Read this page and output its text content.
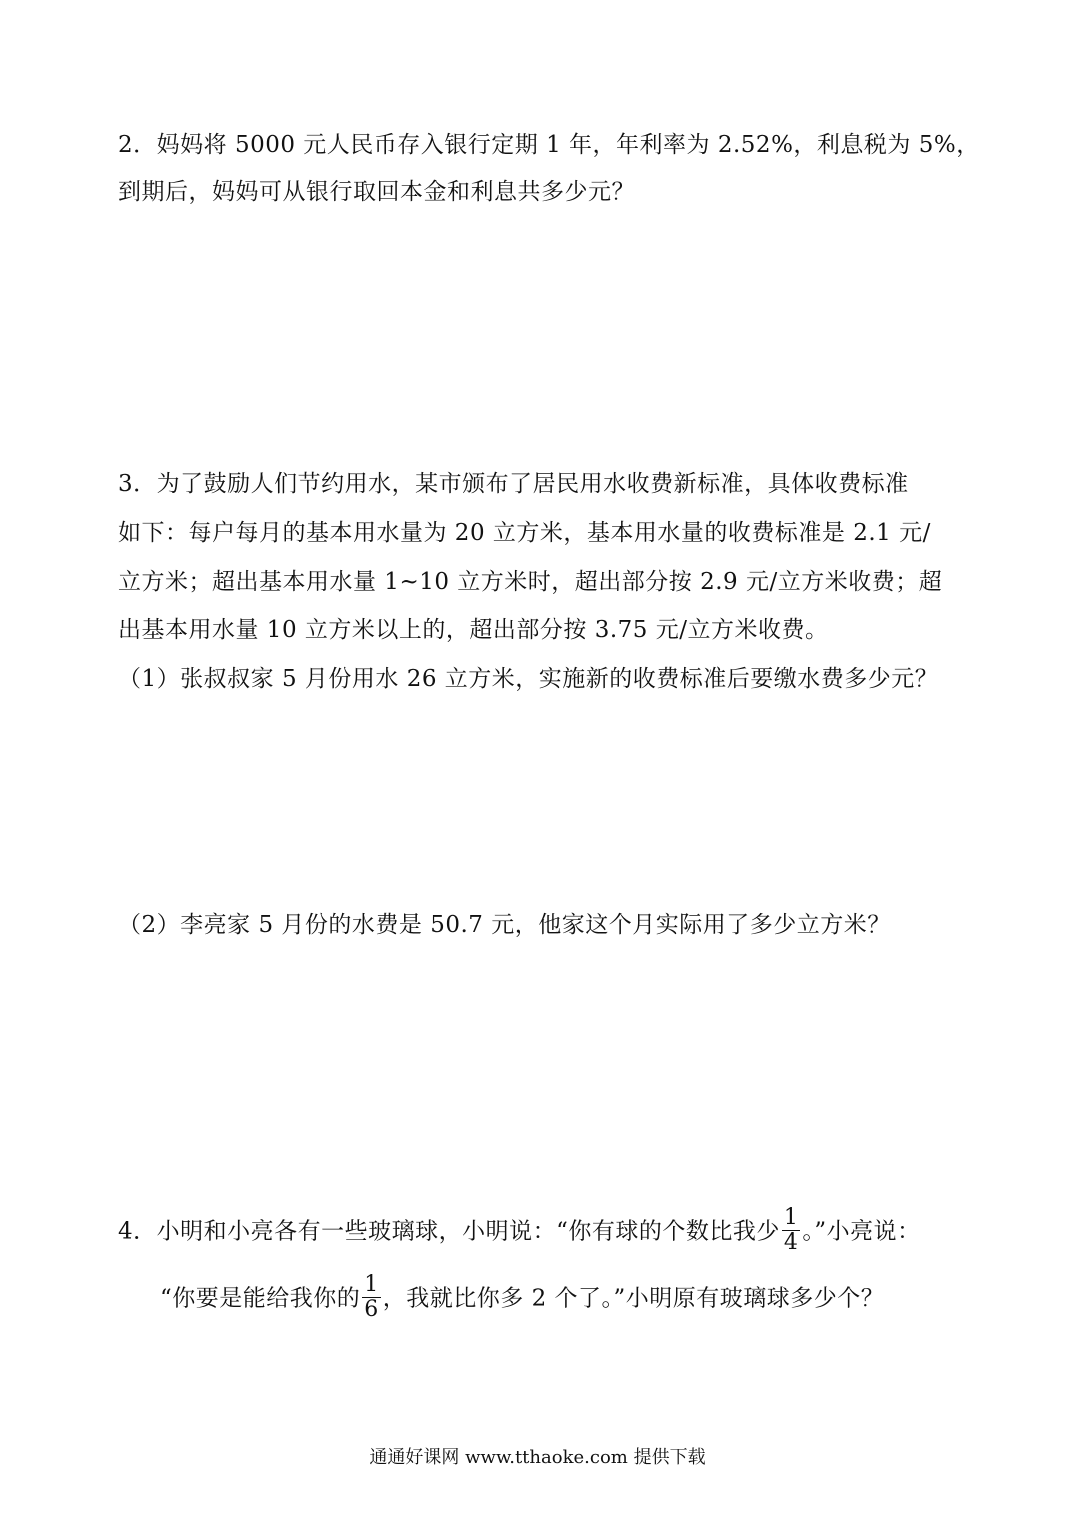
2．妈妈将 5000 元人民币存入银行定期 1 年，年利率为 2.52%，利息税为 5%，
到期后，妈妈可从银行取回本金和利息共多少元？
3．为了鼓励人们节约用水，某市颁布了居民用水收费新标准，具体收费标准
如下：每户每月的基本用水量为 20 立方米，基本用水量的收费标准是 2.1 元/
立方米；超出基本用水量 1~10 立方米时，超出部分按 2.9 元/立方米收费；超
出基本用水量 10 立方米以上的，超出部分按 3.75 元/立方米收费。
（1）张叔叔家 5 月份用水 26 立方米，实施新的收费标准后要缴水费多少元？
（2）李亮家 5 月份的水费是 50.7 元，他家这个月实际用了多少立方米？
4．小明和小亮各有一些玻璃球，小明说：“你有球的个数比我少 $\frac{1}{4}$ 。”小亮说：
“你要是能给我你的 $\frac{1}{6}$ ，我就比你多 2 个了。”小明原有玻璃球多少个？
通通好课网 www.tthaoke.com 提供下载
